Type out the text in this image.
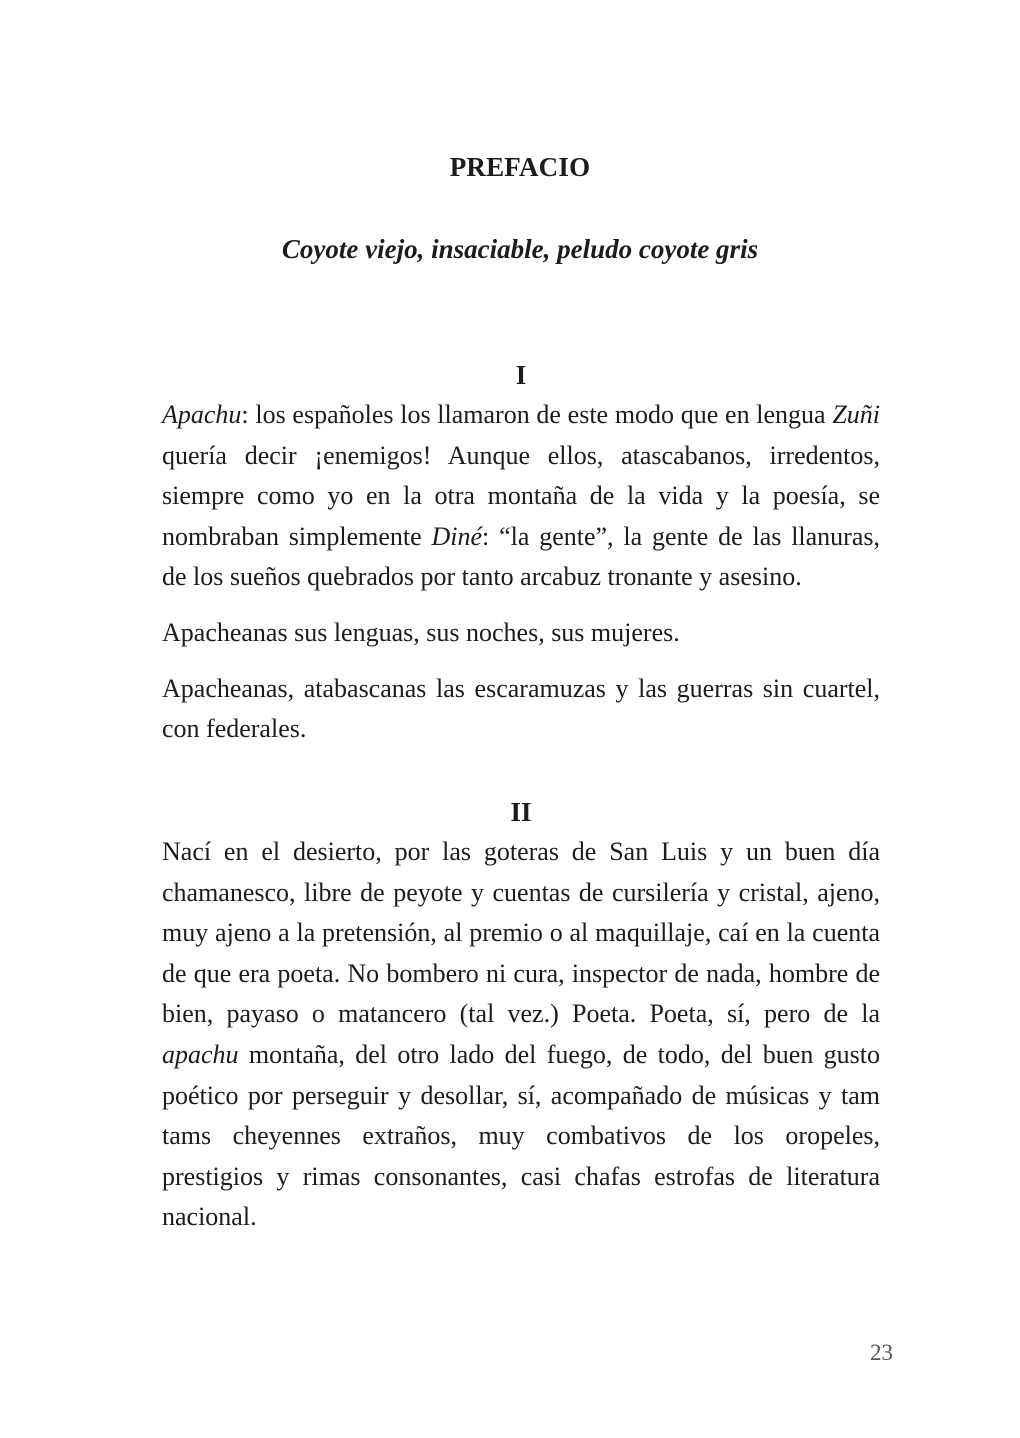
PREFACIO
Coyote viejo, insaciable, peludo coyote gris
I

Apachu: los españoles los llamaron de este modo que en lengua Zuñi quería decir ¡enemigos! Aunque ellos, atascabanos, irredentos, siempre como yo en la otra montaña de la vida y la poesía, se nombraban simplemente Diné: “la gente”, la gente de las llanuras, de los sueños quebrados por tanto arcabuz tronante y asesino.

Apacheanas sus lenguas, sus noches, sus mujeres.

Apacheanas, atabascanas las escaramuzas y las guerras sin cuartel, con federales.

II

Nací en el desierto, por las goteras de San Luis y un buen día chamanesco, libre de peyote y cuentas de cursilería y cristal, ajeno, muy ajeno a la pretensión, al premio o al maquillaje, caí en la cuenta de que era poeta. No bombero ni cura, inspector de nada, hombre de bien, payaso o matancero (tal vez.) Poeta. Poeta, sí, pero de la apachu montaña, del otro lado del fuego, de todo, del buen gusto poético por perseguir y desollar, sí, acompañado de músicas y tam tams cheyennes extraños, muy combativos de los oropeles, prestigios y rimas consonantes, casi chafas estrofas de literatura nacional.

23
